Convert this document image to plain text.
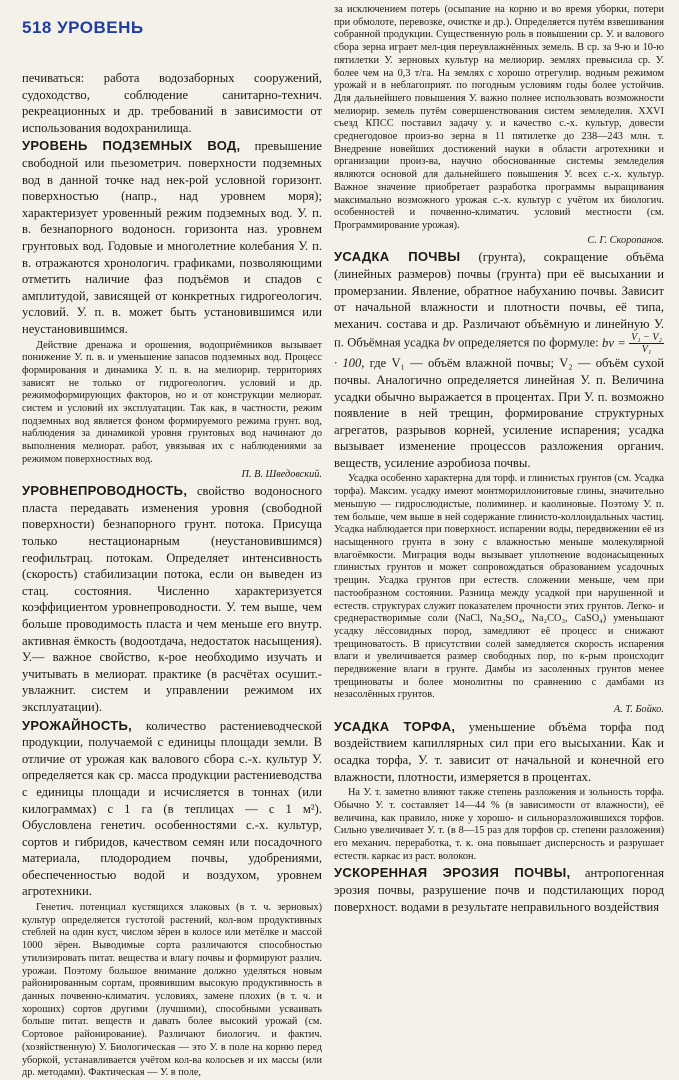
518 УРОВЕНЬ

печиваться: работа водозаборных сооружений, судоходство, соблюдение санитарно-технич. рекреационных и др. требований в зависимости от использования водохранилища.

УРОВЕНЬ ПОДЗЕМНЫХ ВОД, превышение свободной или пьезометрич. поверхности подземных вод в данной точке над нек-рой условной горизонт. поверхностью (напр., над уровнем моря); характеризует уровенный режим подземных вод. У. п. в. безнапорного водоносн. горизонта наз. уровнем грунтовых вод. Годовые и многолетние колебания У. п. в. отражаются хронологич. графиками, позволяющими отметить наличие фаз подъёмов и спадов с амплитудой, зависящей от конкретных гидрогеологич. условий. У. п. в. может быть установившимся или неустановившимся.

Действие дренажа и орошения, водоприёмников вызывает понижение У. п. в. и уменьшение запасов подземных вод. Процесс формирования и динамика У. п. в. на мелиорир. территориях зависят не только от гидрогеологич. условий и др. режимоформирующих факторов, но и от конструкции мелиорат. систем и условий их эксплуатации. Так как, в частности, режим подземных вод является фоном формируемого режима грунт. вод, наблюдения за динамикой уровня грунтовых вод начинают до выполнения мелиорат. работ, увязывая их с наблюдениями за режимом поверхностных вод.

П. В. Шведовский.

УРОВНЕПРОВОДНОСТЬ, свойство водоносного пласта передавать изменения уровня (свободной поверхности) безнапорного грунт. потока. Присуща только нестационарным (неустановившимся) геофильтрац. потокам. Определяет интенсивность (скорость) стабилизации потока, если он выведен из стац. состояния. Численно характеризуется коэффициентом уровнепроводности. У. тем выше, чем больше проводимость пласта и чем меньше его внутр. активная ёмкость (водоотдача, недостаток насыщения). У.— важное свойство, к-рое необходимо изучать и учитывать в мелиорат. практике (в расчётах осушит.-увлажнит. систем и управлении режимом их эксплуатации).

УРОЖАЙНОСТЬ, количество растениеводческой продукции, получаемой с единицы площади земли. В отличие от урожая как валового сбора с.-х. культур У. определяется как ср. масса продукции растениеводства с единицы площади и исчисляется в тоннах (или килограммах) с 1 га (в теплицах — с 1 м²). Обусловлена генетич. особенностями с.-х. культур, сортов и гибридов, качеством семян или посадочного материала, плодородием почвы, удобрениями, обеспеченностью водой и воздухом, уровнем агротехники.

Генетич. потенциал кустящихся злаковых (в т. ч. зерновых) культур определяется густотой растений, кол-вом продуктивных стеблей на один куст, числом зёрен в колосе или метёлке и массой 1000 зёрен. Выводимые сорта различаются способностью утилизировать питат. вещества и влагу почвы и формируют различ. урожаи. Поэтому большое внимание должно уделяться новым районированным сортам, проявившим высокую продуктивность в данных почвенно-климатич. условиях, замене плохих (в т. ч. и хороших) сортов другими (лучшими), способными усваивать больше питат. веществ и давать более высокий урожай (см. Сортовое районирование). Различают биологич. и фактич. (хозяйственную) У. Биологическая — это У. в поле на корню перед уборкой, устанавливается учётом кол-ва колосьев и их массы (или др. методами). Фактическая — У. в поле,

за исключением потерь (осыпание на корню и во время уборки, потери при обмолоте, перевозке, очистке и др.). Определяется путём взвешивания собранной продукции. Существенную роль в повышении ср. У. и валового сбора зерна играет мел-ция переувлажнённых земель. В ср. за 9-ю и 10-ю пятилетки У. зерновых культур на мелиорир. землях превысила ср. У. более чем на 0,3 т/га. На землях с хорошо отрегулир. водным режимом урожай и в неблагоприят. по погодным условиям годы более устойчив. Для дальнейшего повышения У. важно полнее использовать возможности мелиорир. земель путём совершенствования систем земледелия. XXVI съезд КПСС поставил задачу у. и качество с.-х. культур, довести среднегодовое произ-во зерна в 11 пятилетке до 238—243 млн. т. Внедрение новейших достижений науки в области агротехники и организации произ-ва, научно обоснованные системы земледелия являются основой для дальнейшего повышения У. всех с.-х. культур. Важное значение приобретает разработка программы выращивания максимально возможного урожая с.-х. культур с учётом их биологич. особенностей и почвенно-климатич. условий местности (см. Программирование урожая).

С. Г. Скоропанов.

УСАДКА ПОЧВЫ (грунта), сокращение объёма (линейных размеров) почвы (грунта) при её высыхании и промерзании. Явление, обратное набуханию почвы. Зависит от начальной влажности и плотности почвы, её типа, механич. состава и др. Различают объёмную и линейную У. п. Объёмная усадка bv определяется по формуле: bv = $\frac{\text{V₁ − V₂}}{\text{V₁}}$
· 100, где V₁ — объём влажной почвы; V₂ — объём сухой почвы. Аналогично определяется линейная У. п. Величина усадки обычно выражается в процентах. При У. п. возможно появление в ней трещин, формирование структурных агрегатов, разрывов корней, усиление испарения; усадка вызывает изменение процессов разложения органич. веществ, усиление аэробиоза почвы.

Усадка особенно характерна для торф. и глинистых грунтов (см. Усадка торфа). Максим. усадку имеют монтмориллонитовые глины, значительно меньшую — гидрослюдистые, полиминер. и каолиновые. Поэтому У. п. тем больше, чем выше в ней содержание глинисто-коллоидальных частиц. Усадка наблюдается при поверхност. испарении воды, передвижении её из насыщенного грунта в зону с влажностью меньше молекулярной влагоёмкости. Миграция воды вызывает уплотнение водонасыщенных глинистых грунтов и может сопровождаться образованием усадочных трещин. Усадка грунтов при естеств. сложении меньше, чем при пастообразном состоянии. Разница между усадкой при нарушенной и естеств. структурах служит показателем прочности этих грунтов. Легко- и среднерастворимые соли (NaCl, Na₂SO₄, Na₂CO₃, CaSO₄) уменьшают усадку лёссовидных пород, замедляют её процесс и снижают трещиноватость. В присутствии солей замедляется скорость испарения влаги и увеличивается размер свободных пор, по к-рым происходит передвижение влаги в грунте. Дамбы из засоленных грунтов менее трещиноваты и более монолитны по сравнению с дамбами из незасолённых грунтов.

А. Т. Бойко.

УСАДКА ТОРФА, уменьшение объёма торфа под воздействием капиллярных сил при его высыхании. Как и осадка торфа, У. т. зависит от начальной и конечной его влажности, плотности, измеряется в процентах.

На У. т. заметно влияют также степень разложения и зольность торфа. Обычно У. т. составляет 14—44 % (в зависимости от влажности), её величина, как правило, ниже у хорошо- и сильноразложившихся торфов. Сильно увеличивает У. т. (в 8—15 раз для торфов ср. степени разложения) его механич. переработка, т. к. она повышает дисперсность и разрушает естеств. каркас из раст. волокон.

УСКОРЕННАЯ ЭРОЗИЯ ПОЧВЫ, антропогенная эрозия почвы, разрушение почв и подстилающих пород поверхност. водами в результате неправильного воздействия
